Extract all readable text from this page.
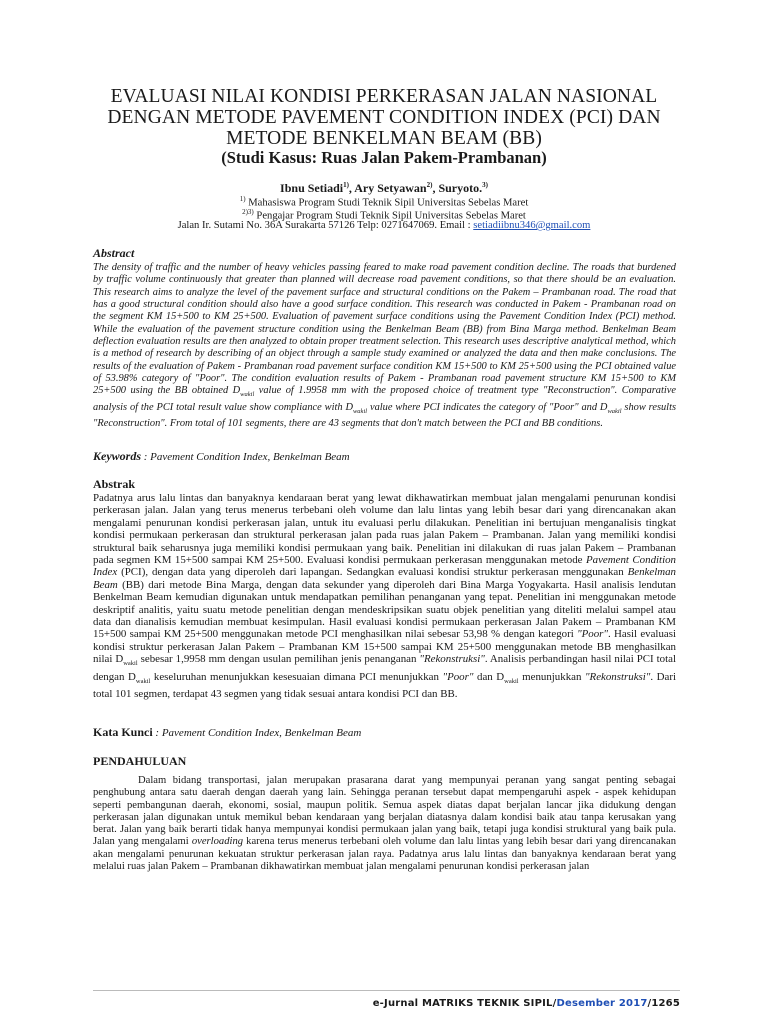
EVALUASI NILAI KONDISI PERKERASAN JALAN NASIONAL
DENGAN METODE PAVEMENT CONDITION INDEX (PCI) DAN
METODE BENKELMAN BEAM (BB)
(Studi Kasus: Ruas Jalan Pakem-Prambanan)
Ibnu Setiadi$^{1)}$, Ary Setyawan$^{2)}$, Suryoto.$^{3)}$
$^{1)}$ Mahasiswa Program Studi Teknik Sipil Universitas Sebelas Maret
$^{2)3)}$ Pengajar Program Studi Teknik Sipil Universitas Sebelas Maret
Jalan Ir. Sutami No. 36A Surakarta 57126 Telp: 0271647069. Email : setiadiibnu346@gmail.com
Abstract
The density of traffic and the number of heavy vehicles passing feared to make road pavement condition decline. The roads that burdened by traffic volume continuously that greater than planned will decrease road pavement conditions, so that there should be an evaluation. This research aims to analyze the level of the pavement surface and structural conditions on the Pakem – Prambanan road. The road that has a good structural condition should also have a good surface condition. This research was conducted in Pakem - Prambanan road on the segment KM 15+500 to KM 25+500. Evaluation of pavement surface conditions using the Pavement Condition Index (PCI) method. While the evaluation of the pavement structure condition using the Benkelman Beam (BB) from Bina Marga method. Benkelman Beam deflection evaluation results are then analyzed to obtain proper treatment selection. This research uses descriptive analytical method, which is a method of research by describing of an object through a sample study examined or analyzed the data and then make conclusions. The results of the evaluation of Pakem - Prambanan road pavement surface condition KM 15+500 to KM 25+500 using the PCI obtained value of 53.98% category of "Poor". The condition evaluation results of Pakem - Prambanan road pavement structure KM 15+500 to KM 25+500 using the BB obtained $D_{wakil}$ value of 1.9958 mm with the proposed choice of treatment type "Reconstruction". Comparative analysis of the PCI total result value show compliance with $D_{wakil}$ value where PCI indicates the category of "Poor" and $D_{wakil}$ show results "Reconstruction". From total of 101 segments, there are 43 segments that don't match between the PCI and BB conditions.
Keywords : Pavement Condition Index, Benkelman Beam
Abstrak
Padatnya arus lalu lintas dan banyaknya kendaraan berat yang lewat dikhawatirkan membuat jalan mengalami penurunan kondisi perkerasan jalan. Jalan yang terus menerus terbebani oleh volume dan lalu lintas yang lebih besar dari yang direncanakan akan mengalami penurunan kondisi perkerasan jalan, untuk itu evaluasi perlu dilakukan. Penelitian ini bertujuan menganalisis tingkat kondisi permukaan perkerasan dan struktural perkerasan jalan pada ruas jalan Pakem – Prambanan. Jalan yang memiliki kondisi struktural baik seharusnya juga memiliki kondisi permukaan yang baik. Penelitian ini dilakukan di ruas jalan Pakem – Prambanan pada segmen KM 15+500 sampai KM 25+500. Evaluasi kondisi permukaan perkerasan menggunakan metode Pavement Condition Index (PCI), dengan data yang diperoleh dari lapangan. Sedangkan evaluasi kondisi struktur perkerasan menggunakan Benkelman Beam (BB) dari metode Bina Marga, dengan data sekunder yang diperoleh dari Bina Marga Yogyakarta. Hasil analisis lendutan Benkelman Beam kemudian digunakan untuk mendapatkan pemilihan penanganan yang tepat. Penelitian ini menggunakan metode deskriptif analitis, yaitu suatu metode penelitian dengan mendeskripsikan suatu objek penelitian yang diteliti melalui sampel atau data dan dianalisis kemudian membuat kesimpulan. Hasil evaluasi kondisi permukaan perkerasan Jalan Pakem – Prambanan KM 15+500 sampai KM 25+500 menggunakan metode PCI menghasilkan nilai sebesar 53,98 % dengan kategori "Poor". Hasil evaluasi kondisi struktur perkerasan Jalan Pakem – Prambanan KM 15+500 sampai KM 25+500 menggunakan metode BB menghasilkan nilai $D_{wakil}$ sebesar 1,9958 mm dengan usulan pemilihan jenis penanganan "Rekonstruksi". Analisis perbandingan hasil nilai PCI total dengan $D_{wakil}$ keseluruhan menunjukkan kesesuaian dimana PCI menunjukkan "Poor" dan $D_{wakil}$ menunjukkan "Rekonstruksi". Dari total 101 segmen, terdapat 43 segmen yang tidak sesuai antara kondisi PCI dan BB.
Kata Kunci : Pavement Condition Index, Benkelman Beam
PENDAHULUAN
Dalam bidang transportasi, jalan merupakan prasarana darat yang mempunyai peranan yang sangat penting sebagai penghubung antara satu daerah dengan daerah yang lain. Sehingga peranan tersebut dapat mempengaruhi aspek - aspek kehidupan seperti pembangunan daerah, ekonomi, sosial, maupun politik. Semua aspek diatas dapat berjalan lancar jika didukung dengan perkerasan jalan digunakan untuk memikul beban kendaraan yang berjalan diatasnya dalam kondisi baik atau tanpa kerusakan yang berat. Jalan yang baik berarti tidak hanya mempunyai kondisi permukaan jalan yang baik, tetapi juga kondisi struktural yang baik pula. Jalan yang mengalami overloading karena terus menerus terbebani oleh volume dan lalu lintas yang lebih besar dari yang direncanakan akan mengalami penurunan kekuatan struktur perkerasan jalan raya. Padatnya arus lalu lintas dan banyaknya kendaraan berat yang melalui ruas jalan Pakem – Prambanan dikhawatirkan membuat jalan mengalami penurunan kondisi perkerasan jalan
e-Jurnal MATRIKS TEKNIK SIPIL/Desember 2017/1265
